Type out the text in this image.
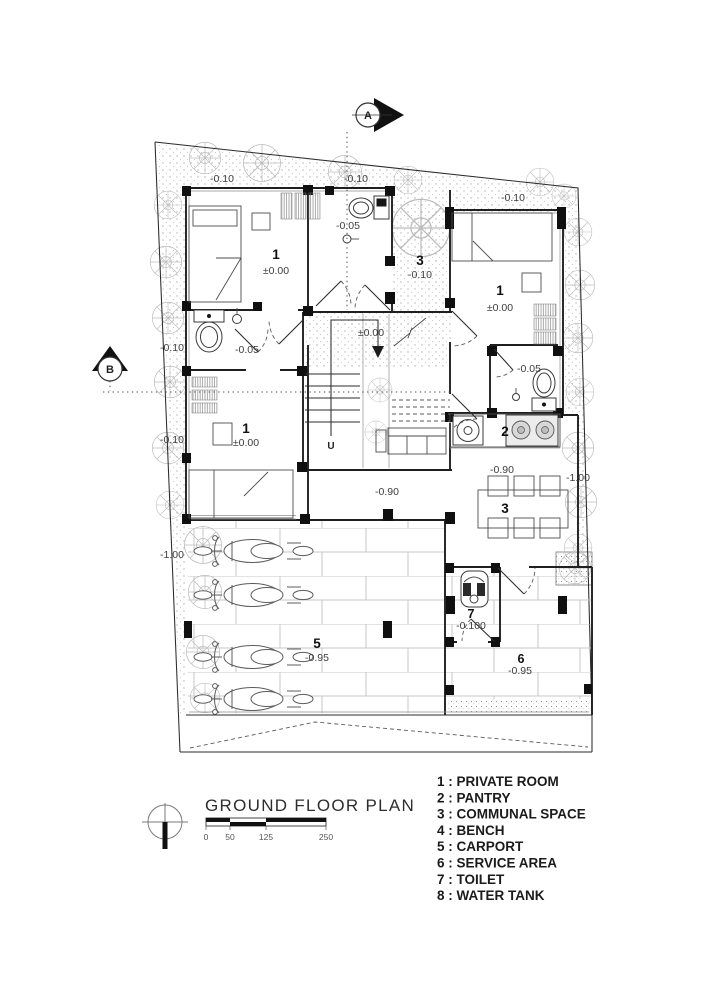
A
B
-0.10	-0.10
-0.10
-0.05
3
-0.10
1
±0.00
1
±0.00
±0.00
-0.05
-0.10
1
±0.00
-0.10
-1.00
-0.05
2
-0.90
3
-1.00
-0.90
5
-0.95
7
-0.100
6
-0.95
U
GROUND FLOOR PLAN
0 50	125	250
1 : PRIVATE ROOM
2 : PANTRY
3 : COMMUNAL SPACE
4 : BENCH
5 : CARPORT
6 : SERVICE AREA
7 : TOILET
8 : WATER TANK
